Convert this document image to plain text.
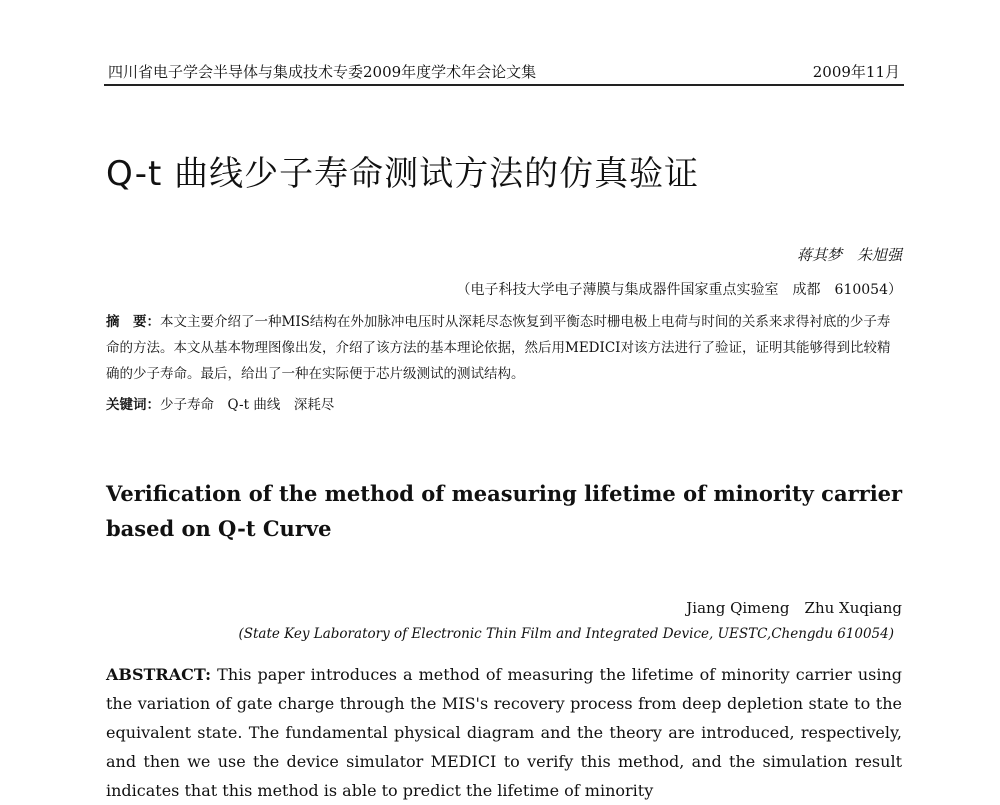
四川省电子学会半导体与集成技术专委2009年度学术年会论文集	2009年11月
Q-t 曲线少子寿命测试方法的仿真验证
蒋其梦　朱旭强
（电子科技大学电子薄膜与集成器件国家重点实验室　成都　610054）
摘　要：本文主要介绍了一种MIS结构在外加脉冲电压时从深耗尽态恢复到平衡态时栅电极上电荷与时间的关系来求得衬底的少子寿命的方法。本文从基本物理图像出发，介绍了该方法的基本理论依据，然后用MEDICI对该方法进行了验证，证明其能够得到比较精确的少子寿命。最后，给出了一种在实际便于芯片级测试的测试结构。
关键词：少子寿命　Q-t 曲线　深耗尽
Verification of the method of measuring lifetime of minority carrier based on Q-t Curve
Jiang Qimeng　Zhu Xuqiang
(State Key Laboratory of Electronic Thin Film and Integrated Device, UESTC,Chengdu 610054)
ABSTRACT: This paper introduces a method of measuring the lifetime of minority carrier using the variation of gate charge through the MIS's recovery process from deep depletion state to the equivalent state. The fundamental physical diagram and the theory are introduced, respectively, and then we use the device simulator MEDICI to verify this method, and the simulation result indicates that this method is able to predict the lifetime of minority
